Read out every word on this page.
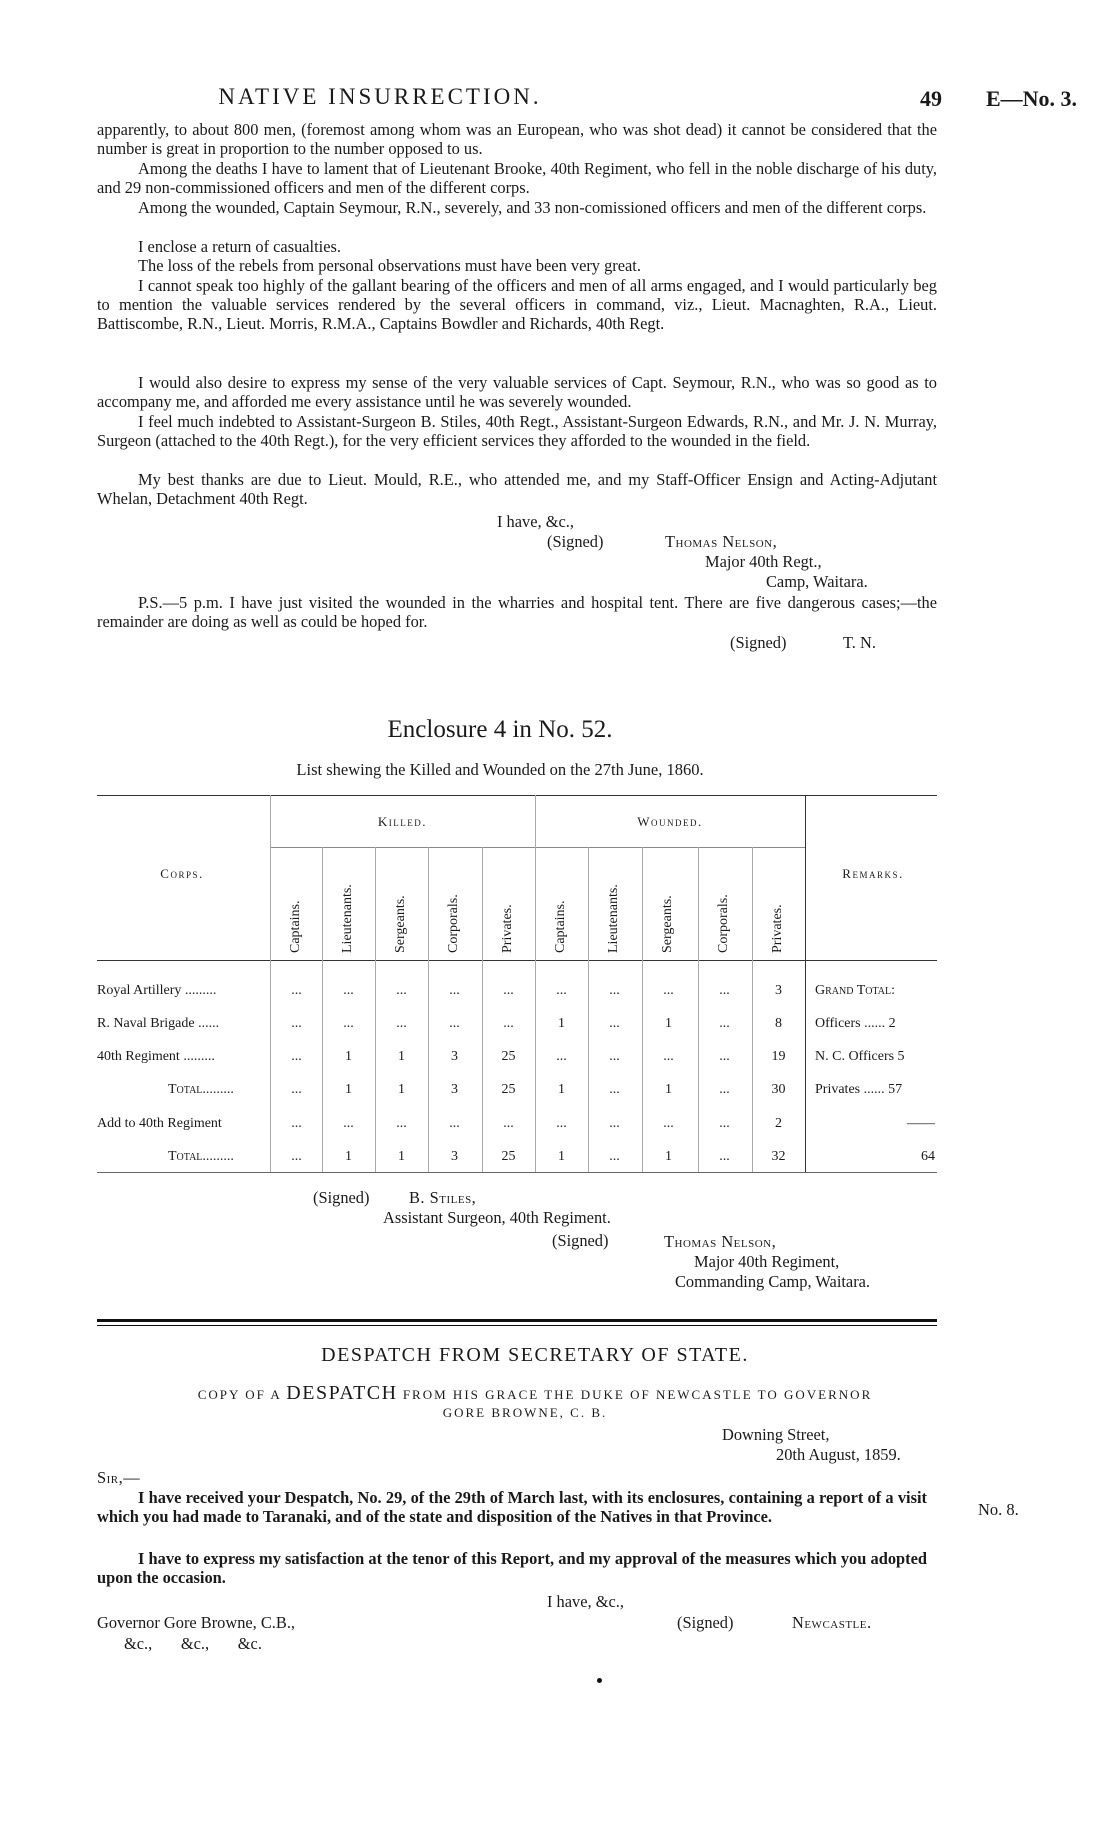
NATIVE INSURRECTION.	49 E—No. 3.
apparently, to about 800 men, (foremost among whom was an European, who was shot dead) it cannot be considered that the number is great in proportion to the number opposed to us.
Among the deaths I have to lament that of Lieutenant Brooke, 40th Regiment, who fell in the noble discharge of his duty, and 29 non-commissioned officers and men of the different corps.
Among the wounded, Captain Seymour, R.N., severely, and 33 non-comissioned officers and men of the different corps.
I enclose a return of casualties.
The loss of the rebels from personal observations must have been very great.
I cannot speak too highly of the gallant bearing of the officers and men of all arms engaged, and I would particularly beg to mention the valuable services rendered by the several officers in command, viz., Lieut. Macnaghten, R.A., Lieut. Battiscombe, R.N., Lieut. Morris, R.M.A., Captains Bowdler and Richards, 40th Regt.
I would also desire to express my sense of the very valuable services of Capt. Seymour, R.N., who was so good as to accompany me, and afforded me every assistance until he was severely wounded.
I feel much indebted to Assistant-Surgeon B. Stiles, 40th Regt., Assistant-Surgeon Edwards, R.N., and Mr. J. N. Murray, Surgeon (attached to the 40th Regt.), for the very efficient services they afforded to the wounded in the field.
My best thanks are due to Lieut. Mould, R.E., who attended me, and my Staff-Officer Ensign and Acting-Adjutant Whelan, Detachment 40th Regt.
I have, &c.,
(Signed)	Thomas Nelson,
Major 40th Regt.,
Camp, Waitara.
P.S.—5 p.m. I have just visited the wounded in the wharries and hospital tent. There are five dangerous cases;—the remainder are doing as well as could be hoped for.
(Signed)	T. N.
Enclosure 4 in No. 52.
List shewing the Killed and Wounded on the 27th June, 1860.
Killed.	Wounded.
Corps.	Remarks.
Captains.	Lieutenants.	Sergeants.	Corporals.	Privates.	Captains.	Lieutenants.	Sergeants.	Corporals.	Privates.
Royal Artillery .........	...	...	...	...	...	...	...	...	...	3	Grand Total:
R. Naval Brigade ......	...	...	...	...	...	1	...	1	...	8	Officers ...... 2
40th Regiment .........	...	1	1	3	25	...	...	...	...	19	N. C. Officers 5
Total.........	...	1	1	3	25	1	...	1	...	30	Privates ...... 57
Add to 40th Regiment	...	...	...	...	...	...	...	...	...	2	——
Total.........	...	1	1	3	25	1	...	1	...	32	64
(Signed) B. Stiles,
Assistant Surgeon, 40th Regiment.
(Signed)	Thomas Nelson,
Major 40th Regiment,
Commanding Camp, Waitara.
DESPATCH FROM SECRETARY OF STATE.
COPY OF A DESPATCH FROM HIS GRACE THE DUKE OF NEWCASTLE TO GOVERNOR
GORE BROWNE, C. B.
Downing Street,
20th August, 1859.
Sir,—
I have received your Despatch, No. 29, of the 29th of March last, with its enclosures, containing a report of a visit which you had made to Taranaki, and of the state and disposition of the Natives in that Province.
I have to express my satisfaction at the tenor of this Report, and my approval of the measures which you adopted upon the occasion.
No. 8.
I have, &c.,
Governor Gore Browne, C.B.,	(Signed)	Newcastle.
&c.,       &c.,       &c.
